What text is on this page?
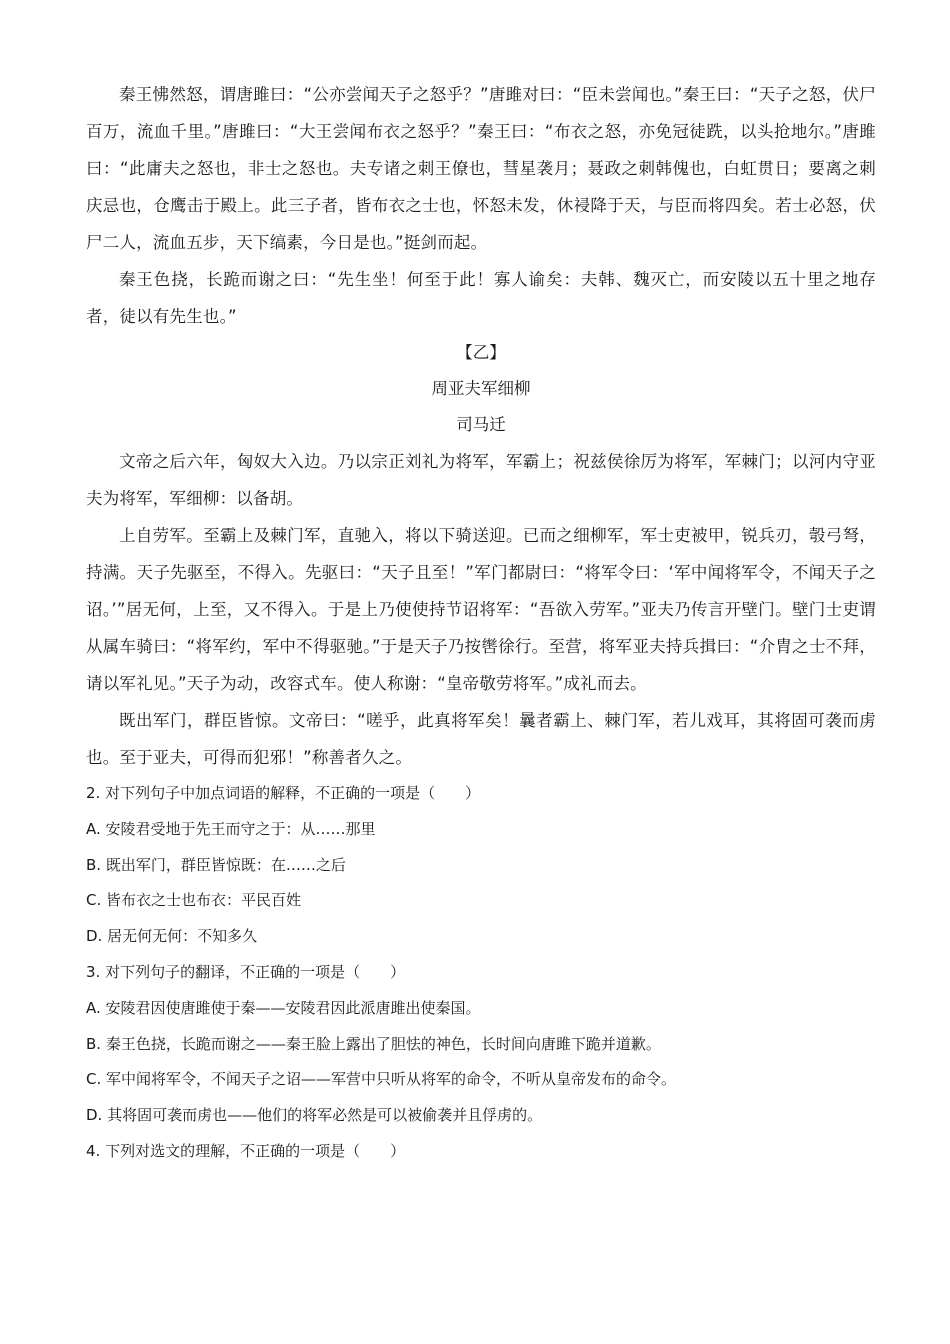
秦王怫然怒，谓唐雎曰：“公亦尝闻天子之怒乎？”唐雎对曰：“臣未尝闻也。”秦王曰：“天子之怒，伏尸百万，流血千里。”唐雎曰：“大王尝闻布衣之怒乎？”秦王曰：“布衣之怒，亦免冠徒跣，以头抢地尔。”唐雎曰：“此庸夫之怒也，非士之怒也。夫专诸之刺王僚也，彗星袭月；聂政之刺韩傀也，白虹贯日；要离之刺庆忌也，仓鹰击于殿上。此三子者，皆布衣之士也，怀怒未发，休祲降于天，与臣而将四矣。若士必怒，伏尸二人，流血五步，天下缟素，今日是也。”挺剑而起。

秦王色挠，长跪而谢之曰：“先生坐！何至于此！寡人谕矣：夫韩、魏灭亡，而安陵以五十里之地存者，徒以有先生也。”

【乙】

周亚夫军细柳

司马迁

文帝之后六年，匈奴大入边。乃以宗正刘礼为将军，军霸上；祝兹侯徐厉为将军，军棘门；以河内守亚夫为将军，军细柳：以备胡。

上自劳军。至霸上及棘门军，直驰入，将以下骑送迎。已而之细柳军，军士吏被甲，锐兵刃，彀弓弩，持满。天子先驱至，不得入。先驱曰：“天子且至！”军门都尉曰：“将军令曰：‘军中闻将军令，不闻天子之诏。’”居无何，上至，又不得入。于是上乃使使持节诏将军：“吾欲入劳军。”亚夫乃传言开壁门。壁门士吏谓从属车骑曰：“将军约，军中不得驱驰。”于是天子乃按辔徐行。至营，将军亚夫持兵揖曰：“介胄之士不拜，请以军礼见。”天子为动，改容式车。使人称谢：“皇帝敬劳将军。”成礼而去。

既出军门，群臣皆惊。文帝曰：“嗟乎，此真将军矣！曩者霸上、棘门军，若儿戏耳，其将固可袭而虏也。至于亚夫，可得而犯邪！”称善者久之。

2. 对下列句子中加点词语的解释，不正确的一项是（　　）

A. 安陵君受地于先王而守之于：从……那里

B. 既出军门，群臣皆惊既：在……之后

C. 皆布衣之士也布衣：平民百姓

D. 居无何无何：不知多久

3. 对下列句子的翻译，不正确的一项是（　　）

A. 安陵君因使唐雎使于秦——安陵君因此派唐雎出使秦国。

B. 秦王色挠，长跪而谢之——秦王脸上露出了胆怯的神色，长时间向唐雎下跪并道歉。

C. 军中闻将军令，不闻天子之诏——军营中只听从将军的命令，不听从皇帝发布的命令。

D. 其将固可袭而虏也——他们的将军必然是可以被偷袭并且俘虏的。

4. 下列对选文的理解，不正确的一项是（　　）
